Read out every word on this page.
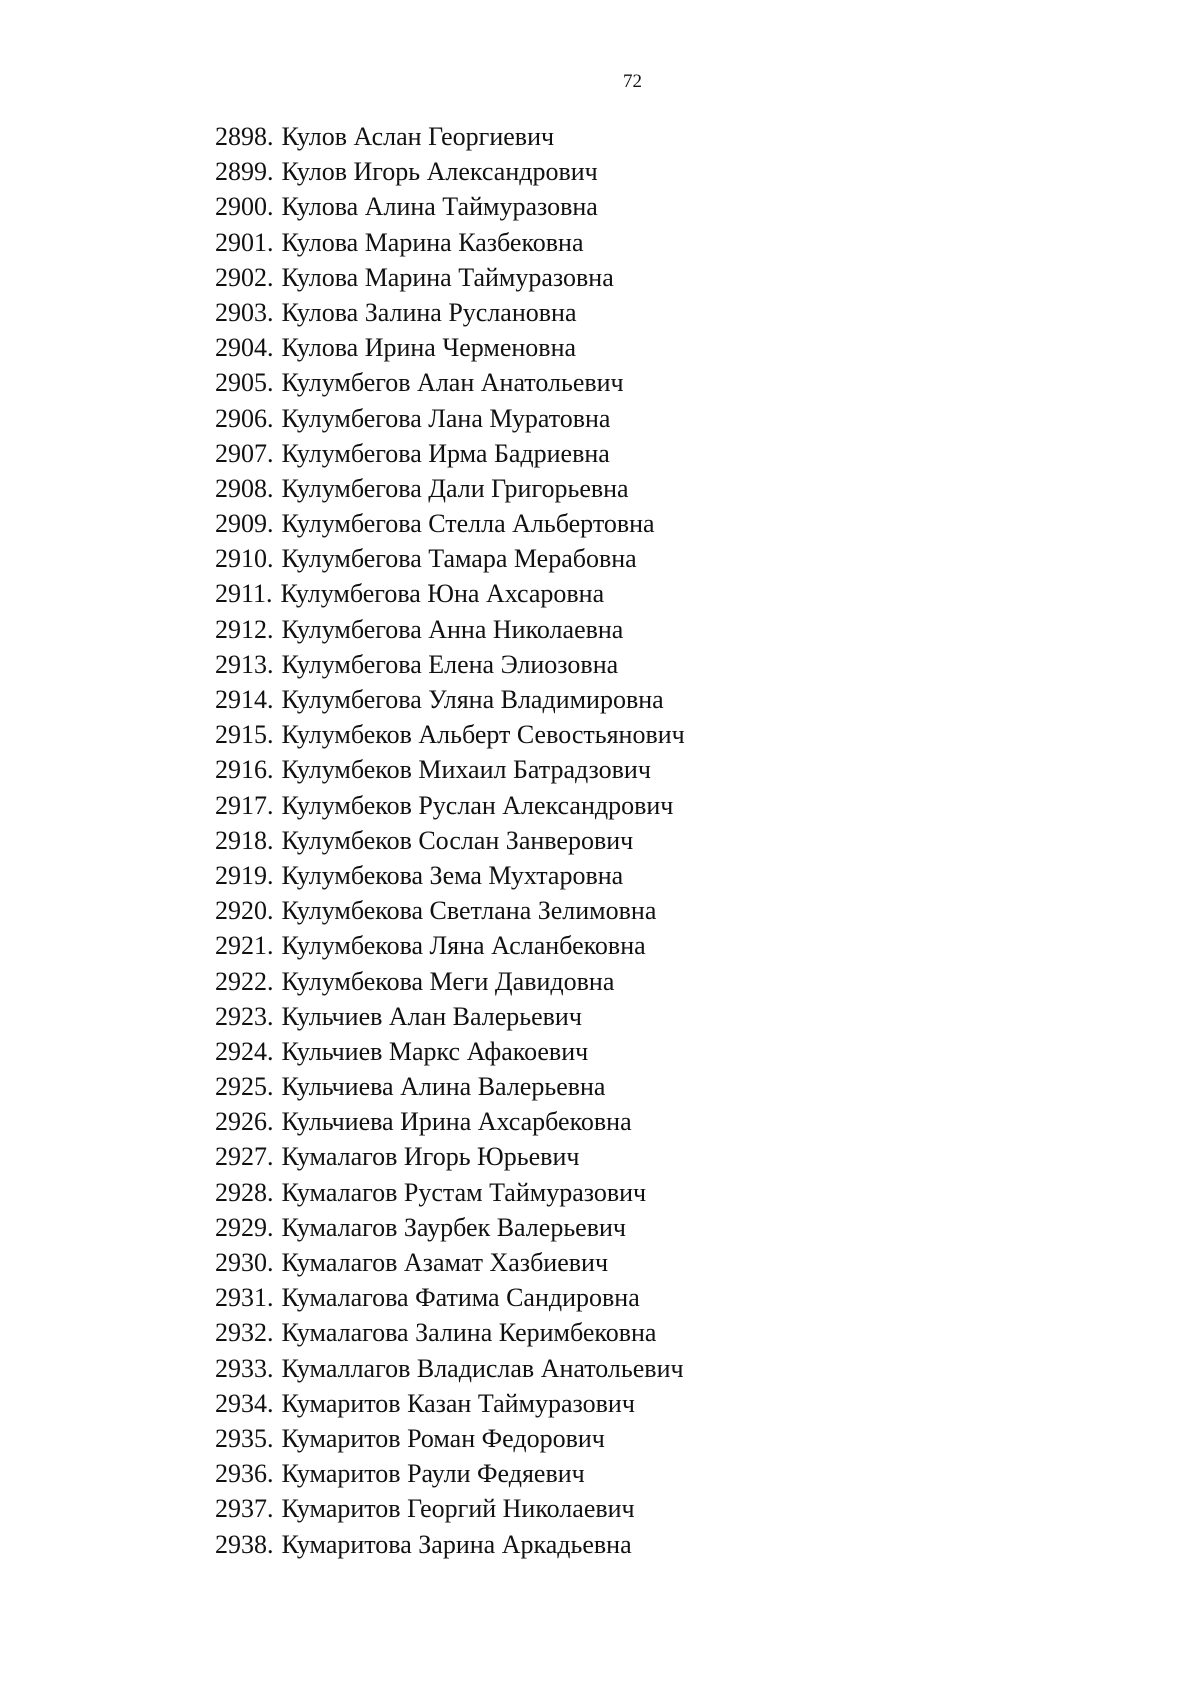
72
2898. Кулов Аслан Георгиевич
2899. Кулов Игорь Александрович
2900. Кулова Алина Таймуразовна
2901. Кулова Марина Казбековна
2902. Кулова Марина Таймуразовна
2903. Кулова Залина Руслановна
2904. Кулова Ирина Черменовна
2905. Кулумбегов Алан Анатольевич
2906. Кулумбегова Лана Муратовна
2907. Кулумбегова Ирма Бадриевна
2908. Кулумбегова Дали Григорьевна
2909. Кулумбегова Стелла Альбертовна
2910. Кулумбегова Тамара Мерабовна
2911. Кулумбегова Юна Ахсаровна
2912. Кулумбегова Анна Николаевна
2913. Кулумбегова Елена Элиозовна
2914. Кулумбегова Уляна Владимировна
2915. Кулумбеков Альберт Севостьянович
2916. Кулумбеков Михаил Батрадзович
2917. Кулумбеков Руслан Александрович
2918. Кулумбеков Сослан Занверович
2919. Кулумбекова Зема Мухтаровна
2920. Кулумбекова Светлана Зелимовна
2921. Кулумбекова Ляна Асланбековна
2922. Кулумбекова Меги Давидовна
2923. Кульчиев Алан Валерьевич
2924. Кульчиев Маркс Афакоевич
2925. Кульчиева Алина Валерьевна
2926. Кульчиева Ирина Ахсарбековна
2927. Кумалагов Игорь Юрьевич
2928. Кумалагов Рустам Таймуразович
2929. Кумалагов Заурбек Валерьевич
2930. Кумалагов Азамат Хазбиевич
2931. Кумалагова Фатима Сандировна
2932. Кумалагова Залина Керимбековна
2933. Кумаллагов Владислав Анатольевич
2934. Кумаритов Казан Таймуразович
2935. Кумаритов Роман Федорович
2936. Кумаритов Раули Федяевич
2937. Кумаритов Георгий Николаевич
2938. Кумаритова Зарина Аркадьевна
